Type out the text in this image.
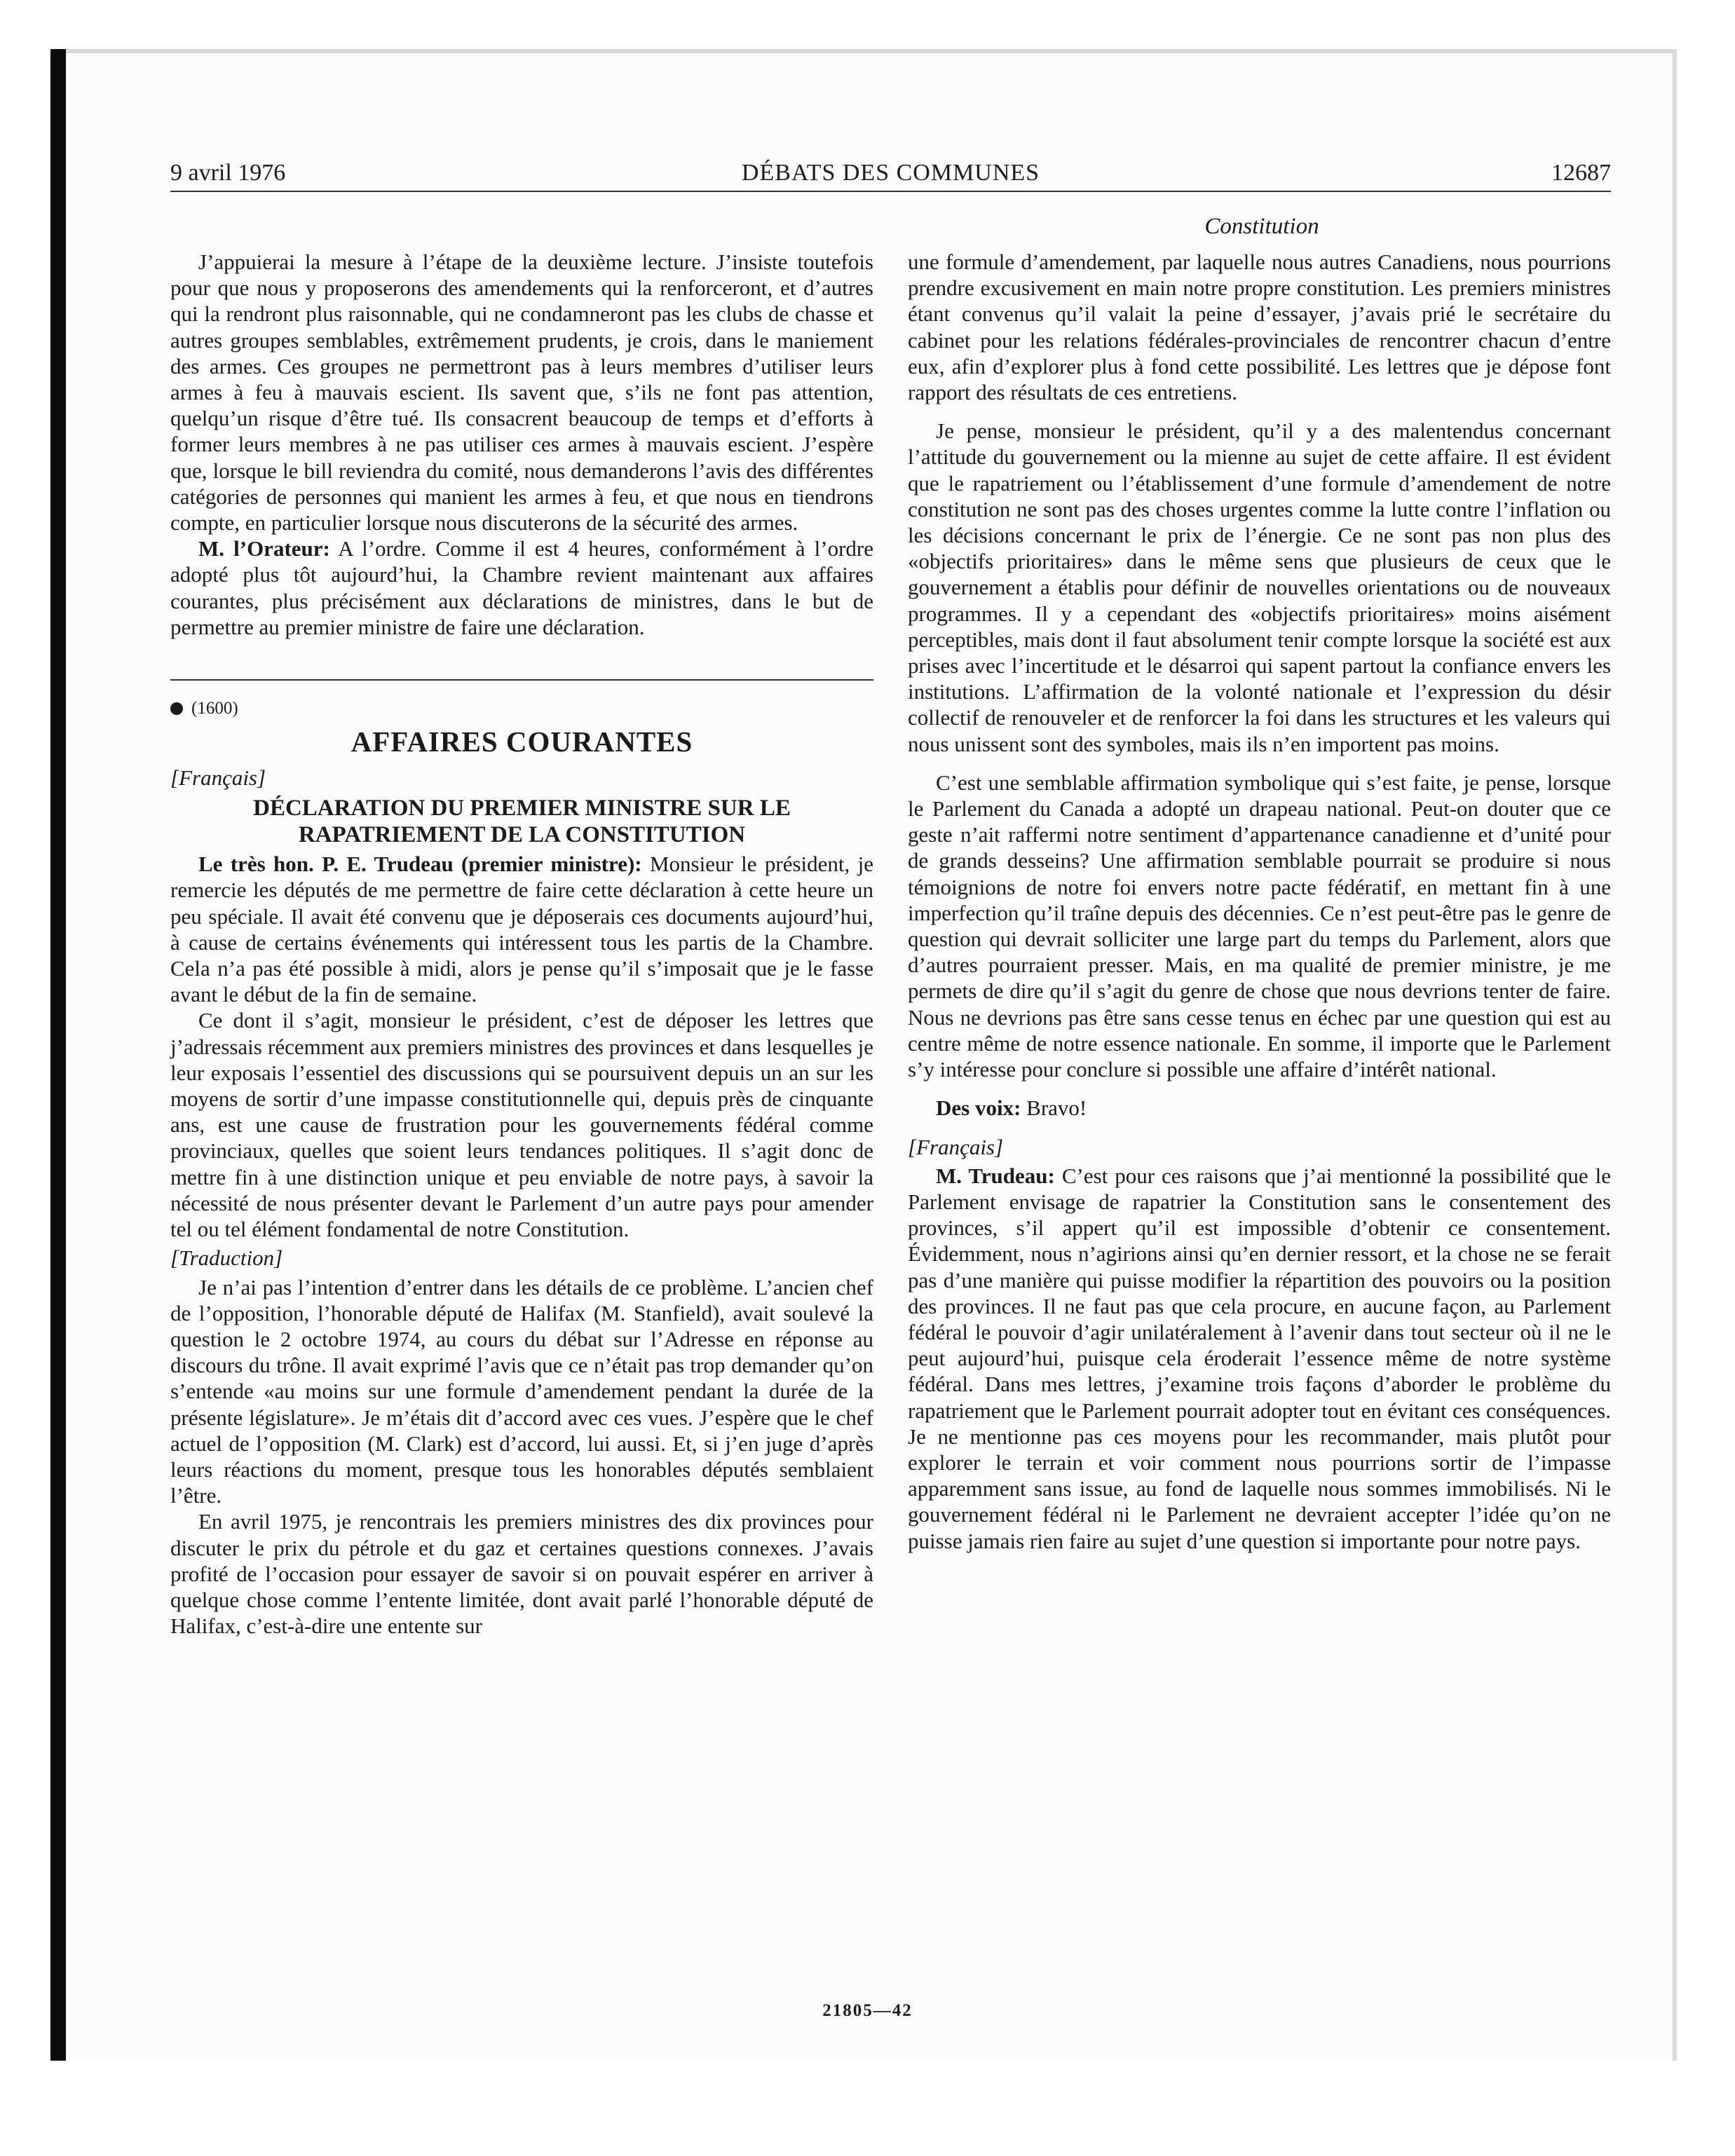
9 avril 1976	DÉBATS DES COMMUNES	12687
Constitution

J’appuierai la mesure à l’étape de la deuxième lecture. J’insiste toutefois pour que nous y proposerons des amendements qui la renforceront, et d’autres qui la rendront plus raisonnable, qui ne condamneront pas les clubs de chasse et autres groupes semblables, extrêmement prudents, je crois, dans le maniement des armes. Ces groupes ne permettront pas à leurs membres d’utiliser leurs armes à feu à mauvais escient. Ils savent que, s’ils ne font pas attention, quelqu’un risque d’être tué. Ils consacrent beaucoup de temps et d’efforts à former leurs membres à ne pas utiliser ces armes à mauvais escient. J’espère que, lorsque le bill reviendra du comité, nous demanderons l’avis des différentes catégories de personnes qui manient les armes à feu, et que nous en tiendrons compte, en particulier lorsque nous discuterons de la sécurité des armes.

M. l’Orateur: A l’ordre. Comme il est 4 heures, conformément à l’ordre adopté plus tôt aujourd’hui, la Chambre revient maintenant aux affaires courantes, plus précisément aux déclarations de ministres, dans le but de permettre au premier ministre de faire une déclaration.

(1600)
AFFAIRES COURANTES
[Français]
DÉCLARATION DU PREMIER MINISTRE SUR LE RAPATRIEMENT DE LA CONSTITUTION

Le très hon. P. E. Trudeau (premier ministre): Monsieur le président, je remercie les députés de me permettre de faire cette déclaration à cette heure un peu spéciale. Il avait été convenu que je déposerais ces documents aujourd’hui, à cause de certains événements qui intéressent tous les partis de la Chambre. Cela n’a pas été possible à midi, alors je pense qu’il s’imposait que je le fasse avant le début de la fin de semaine.

Ce dont il s’agit, monsieur le président, c’est de déposer les lettres que j’adressais récemment aux premiers ministres des provinces et dans lesquelles je leur exposais l’essentiel des discussions qui se poursuivent depuis un an sur les moyens de sortir d’une impasse constitutionnelle qui, depuis près de cinquante ans, est une cause de frustration pour les gouvernements fédéral comme provinciaux, quelles que soient leurs tendances politiques. Il s’agit donc de mettre fin à une distinction unique et peu enviable de notre pays, à savoir la nécessité de nous présenter devant le Parlement d’un autre pays pour amender tel ou tel élément fondamental de notre Constitution.

[Traduction]

Je n’ai pas l’intention d’entrer dans les détails de ce problème. L’ancien chef de l’opposition, l’honorable député de Halifax (M. Stanfield), avait soulevé la question le 2 octobre 1974, au cours du débat sur l’Adresse en réponse au discours du trône. Il avait exprimé l’avis que ce n’était pas trop demander qu’on s’entende «au moins sur une formule d’amendement pendant la durée de la présente législature». Je m’étais dit d’accord avec ces vues. J’espère que le chef actuel de l’opposition (M. Clark) est d’accord, lui aussi. Et, si j’en juge d’après leurs réactions du moment, presque tous les honorables députés semblaient l’être.

En avril 1975, je rencontrais les premiers ministres des dix provinces pour discuter le prix du pétrole et du gaz et certaines questions connexes. J’avais profité de l’occasion pour essayer de savoir si on pouvait espérer en arriver à quelque chose comme l’entente limitée, dont avait parlé l’honorable député de Halifax, c’est-à-dire une entente sur

une formule d’amendement, par laquelle nous autres Canadiens, nous pourrions prendre excusivement en main notre propre constitution. Les premiers ministres étant convenus qu’il valait la peine d’essayer, j’avais prié le secrétaire du cabinet pour les relations fédérales-provinciales de rencontrer chacun d’entre eux, afin d’explorer plus à fond cette possibilité. Les lettres que je dépose font rapport des résultats de ces entretiens.

Je pense, monsieur le président, qu’il y a des malentendus concernant l’attitude du gouvernement ou la mienne au sujet de cette affaire. Il est évident que le rapatriement ou l’établissement d’une formule d’amendement de notre constitution ne sont pas des choses urgentes comme la lutte contre l’inflation ou les décisions concernant le prix de l’énergie. Ce ne sont pas non plus des «objectifs prioritaires» dans le même sens que plusieurs de ceux que le gouvernement a établis pour définir de nouvelles orientations ou de nouveaux programmes. Il y a cependant des «objectifs prioritaires» moins aisément perceptibles, mais dont il faut absolument tenir compte lorsque la société est aux prises avec l’incertitude et le désarroi qui sapent partout la confiance envers les institutions. L’affirmation de la volonté nationale et l’expression du désir collectif de renouveler et de renforcer la foi dans les structures et les valeurs qui nous unissent sont des symboles, mais ils n’en importent pas moins.

C’est une semblable affirmation symbolique qui s’est faite, je pense, lorsque le Parlement du Canada a adopté un drapeau national. Peut-on douter que ce geste n’ait raffermi notre sentiment d’appartenance canadienne et d’unité pour de grands desseins? Une affirmation semblable pourrait se produire si nous témoignions de notre foi envers notre pacte fédératif, en mettant fin à une imperfection qu’il traîne depuis des décennies. Ce n’est peut-être pas le genre de question qui devrait solliciter une large part du temps du Parlement, alors que d’autres pourraient presser. Mais, en ma qualité de premier ministre, je me permets de dire qu’il s’agit du genre de chose que nous devrions tenter de faire. Nous ne devrions pas être sans cesse tenus en échec par une question qui est au centre même de notre essence nationale. En somme, il importe que le Parlement s’y intéresse pour conclure si possible une affaire d’intérêt national.

Des voix: Bravo!

[Français]

M. Trudeau: C’est pour ces raisons que j’ai mentionné la possibilité que le Parlement envisage de rapatrier la Constitution sans le consentement des provinces, s’il appert qu’il est impossible d’obtenir ce consentement. Évidemment, nous n’agirions ainsi qu’en dernier ressort, et la chose ne se ferait pas d’une manière qui puisse modifier la répartition des pouvoirs ou la position des provinces. Il ne faut pas que cela procure, en aucune façon, au Parlement fédéral le pouvoir d’agir unilatéralement à l’avenir dans tout secteur où il ne le peut aujourd’hui, puisque cela éroderait l’essence même de notre système fédéral. Dans mes lettres, j’examine trois façons d’aborder le problème du rapatriement que le Parlement pourrait adopter tout en évitant ces conséquences. Je ne mentionne pas ces moyens pour les recommander, mais plutôt pour explorer le terrain et voir comment nous pourrions sortir de l’impasse apparemment sans issue, au fond de laquelle nous sommes immobilisés. Ni le gouvernement fédéral ni le Parlement ne devraient accepter l’idée qu’on ne puisse jamais rien faire au sujet d’une question si importante pour notre pays.

21805—42
